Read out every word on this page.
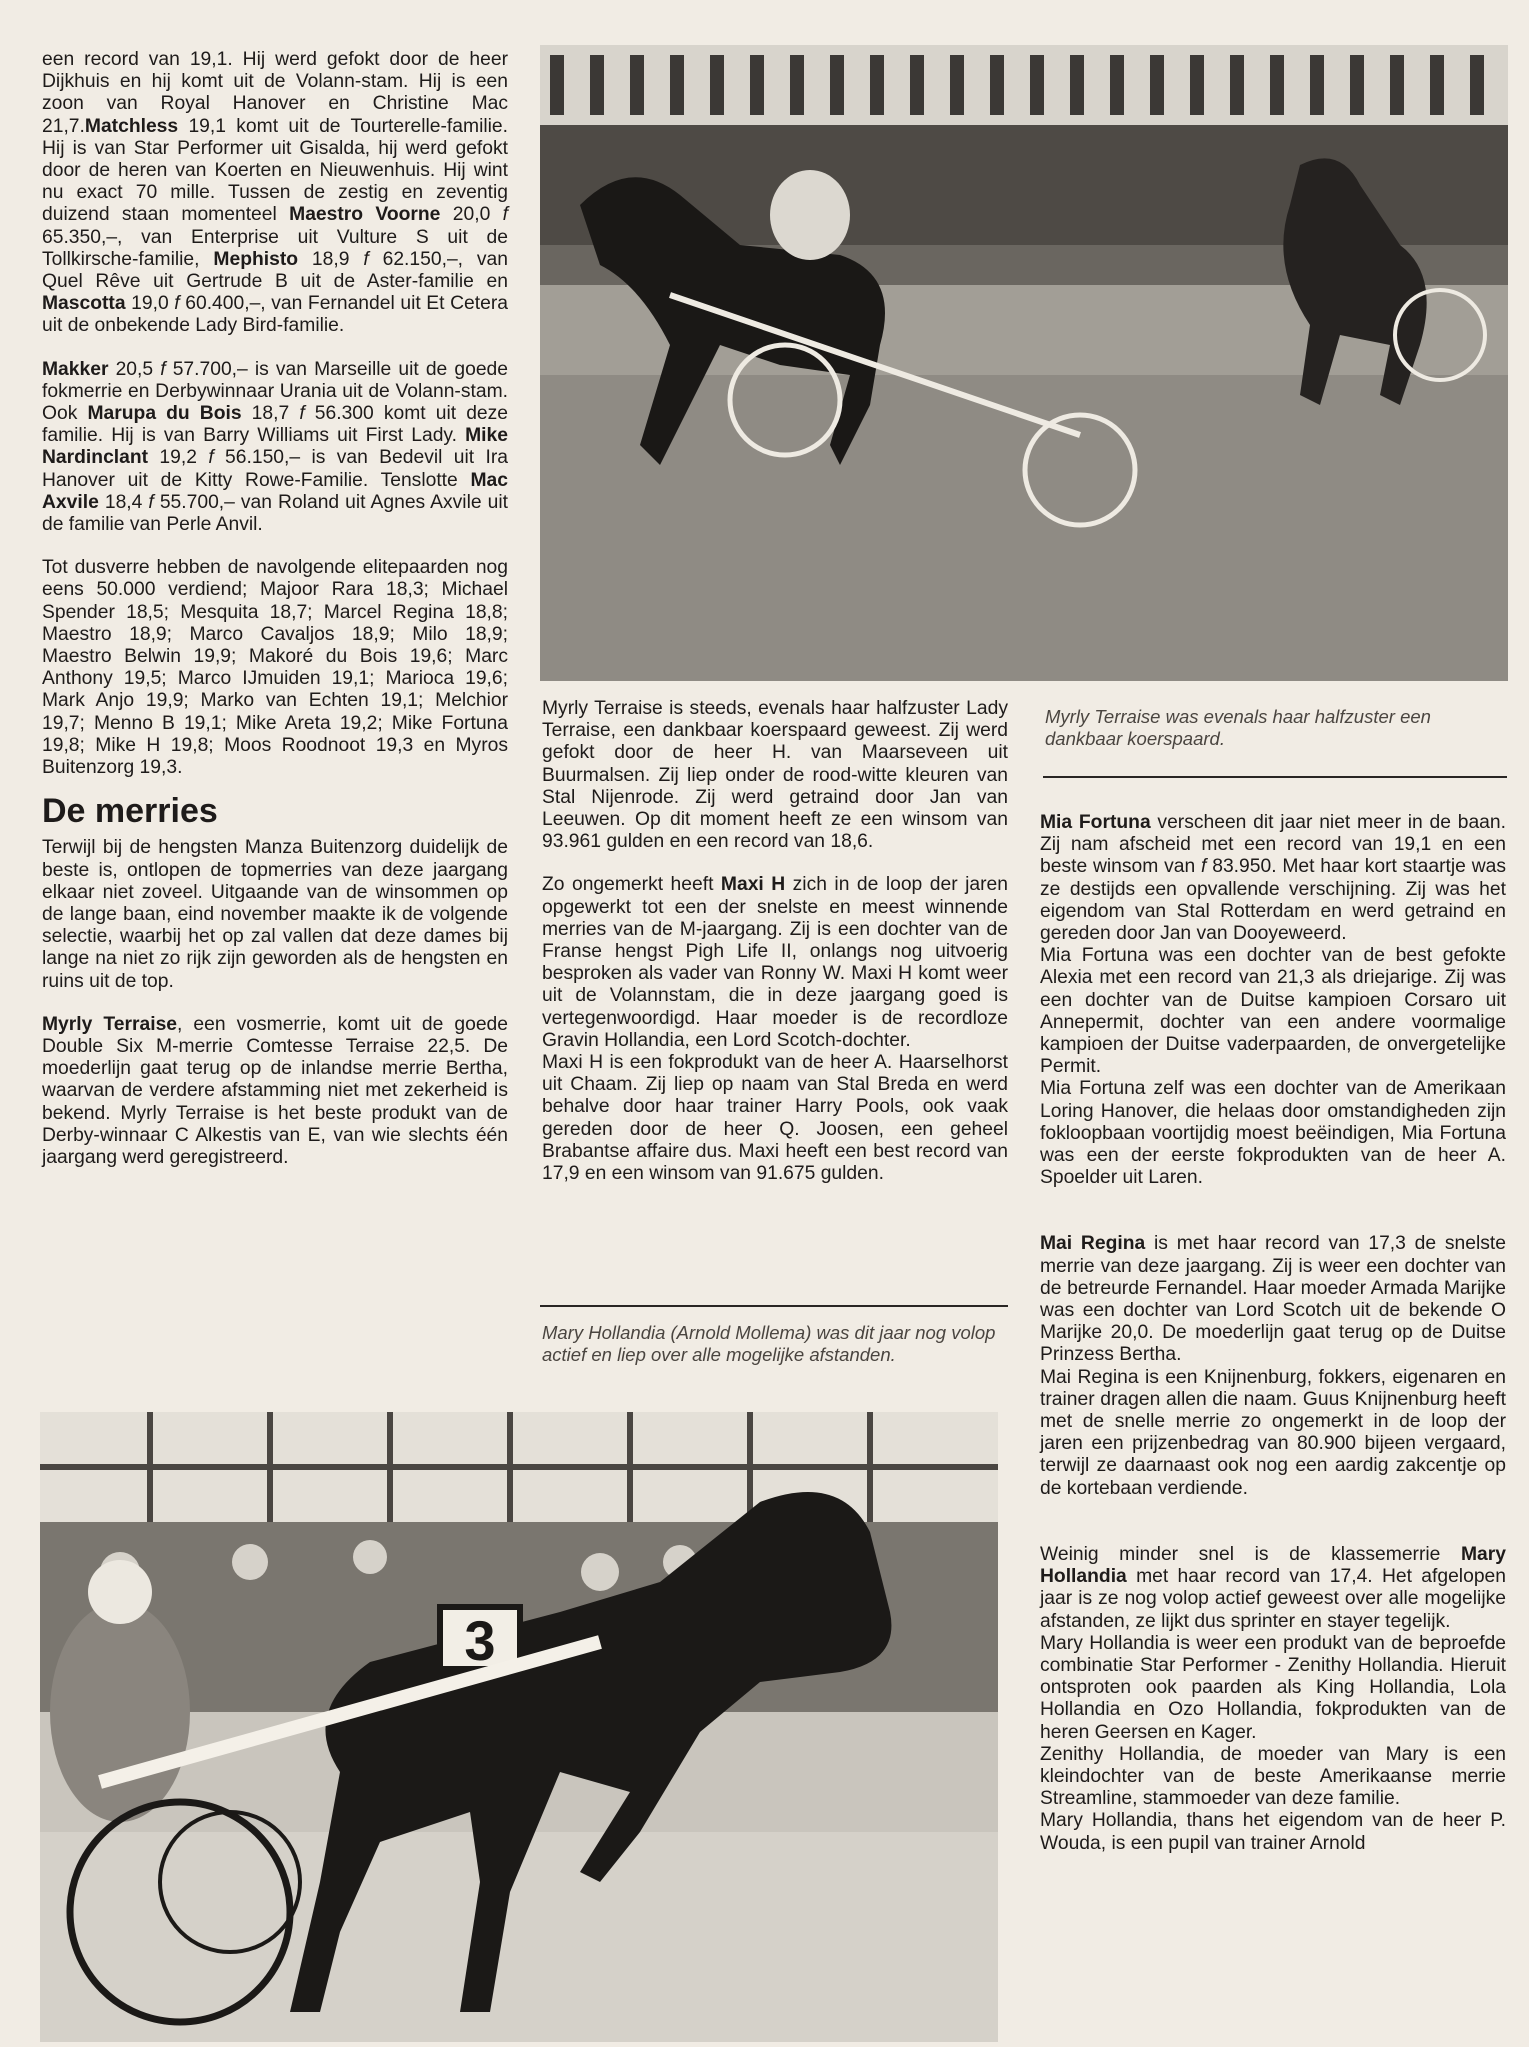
een record van 19,1. Hij werd gefokt door de heer Dijkhuis en hij komt uit de Volann-stam. Hij is een zoon van Royal Hanover en Christine Mac 21,7.Matchless 19,1 komt uit de Tourterelle-familie. Hij is van Star Performer uit Gisalda, hij werd gefokt door de heren van Koerten en Nieuwenhuis. Hij wint nu exact 70 mille. Tussen de zestig en zeventig duizend staan momenteel Maestro Voorne 20,0 f 65.350,–, van Enterprise uit Vulture S uit de Tollkirsche-familie, Mephisto 18,9 f 62.150,–, van Quel Rêve uit Gertrude B uit de Aster-familie en Mascotta 19,0 f 60.400,–, van Fernandel uit Et Cetera uit de onbekende Lady Bird-familie.

Makker 20,5 f 57.700,– is van Marseille uit de goede fokmerrie en Derbywinnaar Urania uit de Volann-stam. Ook Marupa du Bois 18,7 f 56.300 komt uit deze familie. Hij is van Barry Williams uit First Lady. Mike Nardinclant 19,2 f 56.150,– is van Bedevil uit Ira Hanover uit de Kitty Rowe-Familie. Tenslotte Mac Axvile 18,4 f 55.700,– van Roland uit Agnes Axvile uit de familie van Perle Anvil.

Tot dusverre hebben de navolgende elitepaarden nog eens 50.000 verdiend; Majoor Rara 18,3; Michael Spender 18,5; Mesquita 18,7; Marcel Regina 18,8; Maestro 18,9; Marco Cavaljos 18,9; Milo 18,9; Maestro Belwin 19,9; Makoré du Bois 19,6; Marc Anthony 19,5; Marco IJmuiden 19,1; Marioca 19,6; Mark Anjo 19,9; Marko van Echten 19,1; Melchior 19,7; Menno B 19,1; Mike Areta 19,2; Mike Fortuna 19,8; Mike H 19,8; Moos Roodnoot 19,3 en Myros Buitenzorg 19,3.

De merries

Terwijl bij de hengsten Manza Buitenzorg duidelijk de beste is, ontlopen de topmerries van deze jaargang elkaar niet zoveel. Uitgaande van de winsommen op de lange baan, eind november maakte ik de volgende selectie, waarbij het op zal vallen dat deze dames bij lange na niet zo rijk zijn geworden als de hengsten en ruins uit de top.

Myrly Terraise, een vosmerrie, komt uit de goede Double Six M-merrie Comtesse Terraise 22,5. De moederlijn gaat terug op de inlandse merrie Bertha, waarvan de verdere afstamming niet met zekerheid is bekend. Myrly Terraise is het beste produkt van de Derby-winnaar C Alkestis van E, van wie slechts één jaargang werd geregistreerd.

Myrly Terraise is steeds, evenals haar halfzuster Lady Terraise, een dankbaar koerspaard geweest. Zij werd gefokt door de heer H. van Maarseveen uit Buurmalsen. Zij liep onder de rood-witte kleuren van Stal Nijenrode. Zij werd getraind door Jan van Leeuwen. Op dit moment heeft ze een winsom van 93.961 gulden en een record van 18,6.

Zo ongemerkt heeft Maxi H zich in de loop der jaren opgewerkt tot een der snelste en meest winnende merries van de M-jaargang. Zij is een dochter van de Franse hengst Pigh Life II, onlangs nog uitvoerig besproken als vader van Ronny W. Maxi H komt weer uit de Volannstam, die in deze jaargang goed is vertegenwoordigd. Haar moeder is de recordloze Gravin Hollandia, een Lord Scotch-dochter.

Maxi H is een fokprodukt van de heer A. Haarselhorst uit Chaam. Zij liep op naam van Stal Breda en werd behalve door haar trainer Harry Pools, ook vaak gereden door de heer Q. Joosen, een geheel Brabantse affaire dus. Maxi heeft een best record van 17,9 en een winsom van 91.675 gulden.

Mary Hollandia (Arnold Mollema) was dit jaar nog volop actief en liep over alle mogelijke afstanden.
Myrly Terraise was evenals haar halfzuster een dankbaar koerspaard.

Mia Fortuna verscheen dit jaar niet meer in de baan. Zij nam afscheid met een record van 19,1 en een beste winsom van f 83.950. Met haar kort staartje was ze destijds een opvallende verschijning. Zij was het eigendom van Stal Rotterdam en werd getraind en gereden door Jan van Dooyeweerd.

Mia Fortuna was een dochter van de best gefokte Alexia met een record van 21,3 als driejarige. Zij was een dochter van de Duitse kampioen Corsaro uit Annepermit, dochter van een andere voormalige kampioen der Duitse vaderpaarden, de onvergetelijke Permit.

Mia Fortuna zelf was een dochter van de Amerikaan Loring Hanover, die helaas door omstandigheden zijn fokloopbaan voortijdig moest beëindigen, Mia Fortuna was een der eerste fokprodukten van de heer A. Spoelder uit Laren.

Mai Regina is met haar record van 17,3 de snelste merrie van deze jaargang. Zij is weer een dochter van de betreurde Fernandel. Haar moeder Armada Marijke was een dochter van Lord Scotch uit de bekende O Marijke 20,0. De moederlijn gaat terug op de Duitse Prinzess Bertha.

Mai Regina is een Knijnenburg, fokkers, eigenaren en trainer dragen allen die naam. Guus Knijnenburg heeft met de snelle merrie zo ongemerkt in de loop der jaren een prijzenbedrag van 80.900 bijeen vergaard, terwijl ze daarnaast ook nog een aardig zakcentje op de kortebaan verdiende.

Weinig minder snel is de klassemerrie Mary Hollandia met haar record van 17,4. Het afgelopen jaar is ze nog volop actief geweest over alle mogelijke afstanden, ze lijkt dus sprinter en stayer tegelijk.

Mary Hollandia is weer een produkt van de beproefde combinatie Star Performer - Zenithy Hollandia. Hieruit ontsproten ook paarden als King Hollandia, Lola Hollandia en Ozo Hollandia, fokprodukten van de heren Geersen en Kager.

Zenithy Hollandia, de moeder van Mary is een kleindochter van de beste Amerikaanse merrie Streamline, stammoeder van deze familie.

Mary Hollandia, thans het eigendom van de heer P. Wouda, is een pupil van trainer Arnold

3
